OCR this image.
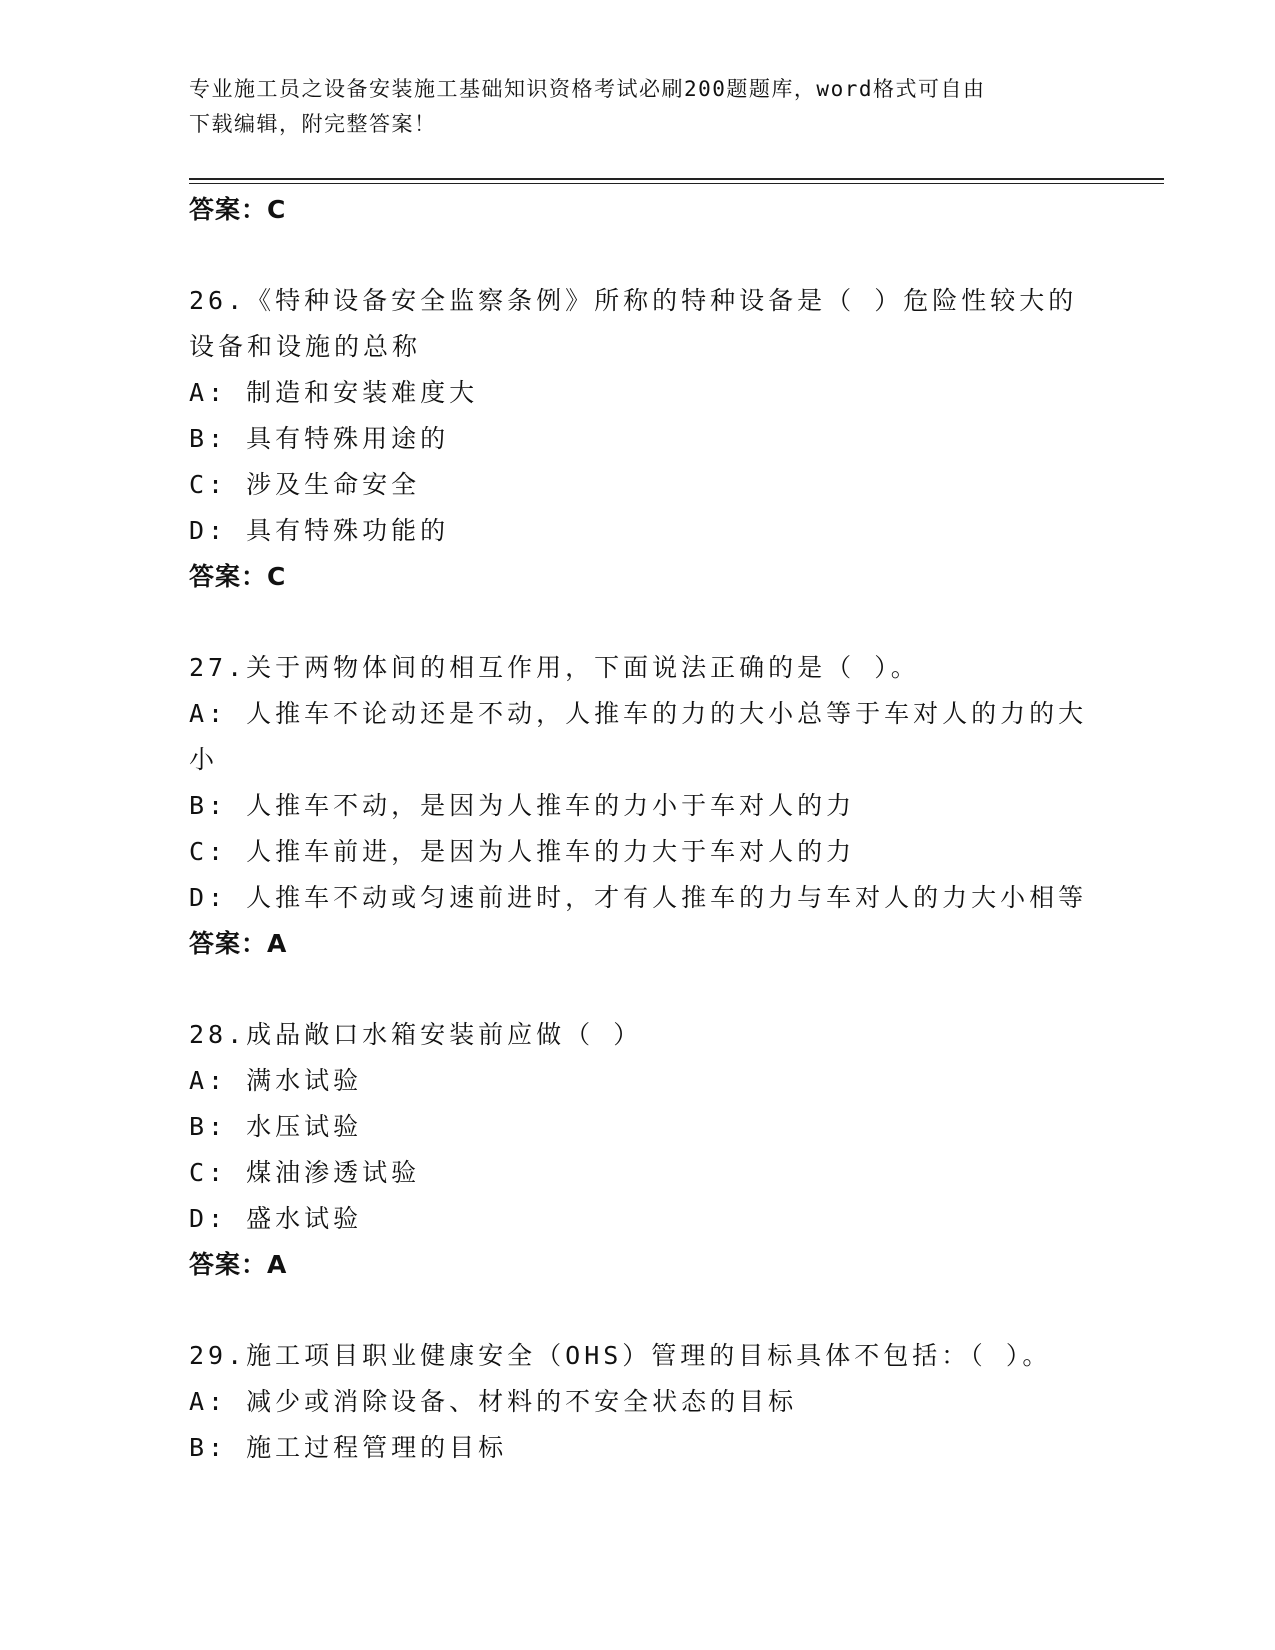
专业施工员之设备安装施工基础知识资格考试必刷200题题库，word格式可自由
下载编辑，附完整答案！
答案：C

26.《特种设备安全监察条例》所称的特种设备是（ ）危险性较大的设备和设施的总称

A: 制造和安装难度大
B: 具有特殊用途的
C: 涉及生命安全
D: 具有特殊功能的
答案：C

27.关于两物体间的相互作用，下面说法正确的是（ ）。

A: 人推车不论动还是不动，人推车的力的大小总等于车对人的力的大小
B: 人推车不动，是因为人推车的力小于车对人的力
C: 人推车前进，是因为人推车的力大于车对人的力
D: 人推车不动或匀速前进时，才有人推车的力与车对人的力大小相等
答案：A

28.成品敞口水箱安装前应做（ ）

A: 满水试验
B: 水压试验
C: 煤油渗透试验
D: 盛水试验
答案：A

29.施工项目职业健康安全（OHS）管理的目标具体不包括：（ ）。

A: 减少或消除设备、材料的不安全状态的目标
B: 施工过程管理的目标
